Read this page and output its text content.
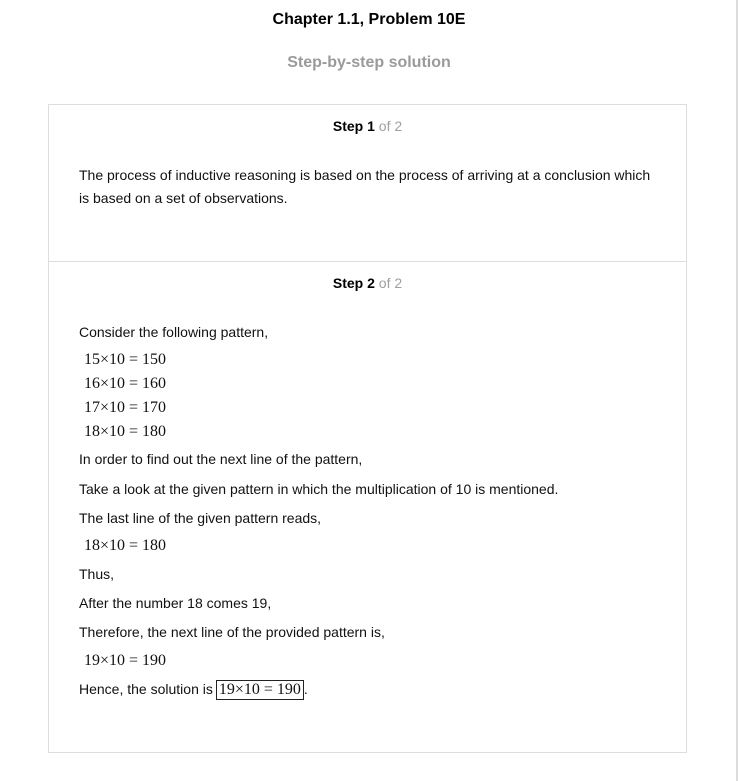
Chapter 1.1, Problem 10E
Step-by-step solution
Step 1 of 2
The process of inductive reasoning is based on the process of arriving at a conclusion which is based on a set of observations.
Step 2 of 2
Consider the following pattern,
15×10 = 150
16×10 = 160
17×10 = 170
18×10 = 180
In order to find out the next line of the pattern,
Take a look at the given pattern in which the multiplication of 10 is mentioned.
The last line of the given pattern reads,
18×10 = 180
Thus,
After the number 18 comes 19,
Therefore, the next line of the provided pattern is,
19×10 = 190
Hence, the solution is 19×10 = 190 .
